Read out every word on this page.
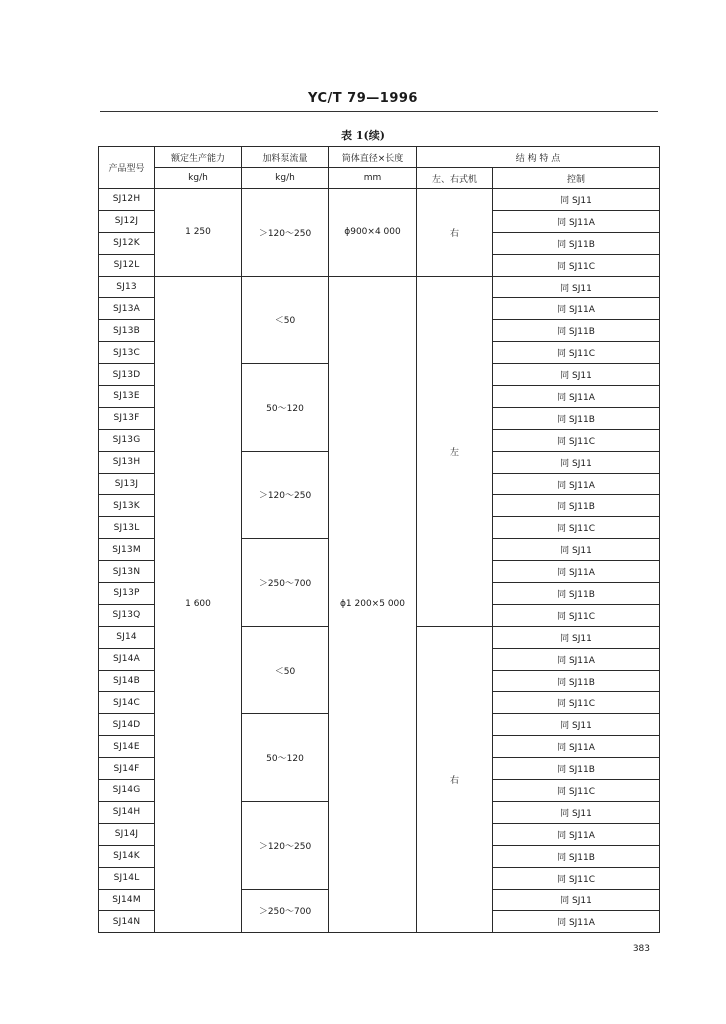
YC/T 79—1996
表 1(续)
产品型号	额定生产能力	加料泵流量	筒体直径×长度	结 构 特 点	
	kg/h	kg/h	mm	左、右式机	控制
SJ12H	1 250	＞120～250	ϕ900×4 000	右	同 SJ11
SJ12J					同 SJ11A
SJ12K					同 SJ11B
SJ12L					同 SJ11C
SJ13	1 600	＜50	ϕ1 200×5 000	左	同 SJ11
SJ13A					同 SJ11A
SJ13B					同 SJ11B
SJ13C					同 SJ11C
SJ13D		50～120			同 SJ11
SJ13E					同 SJ11A
SJ13F					同 SJ11B
SJ13G					同 SJ11C
SJ13H		＞120～250			同 SJ11
SJ13J					同 SJ11A
SJ13K					同 SJ11B
SJ13L					同 SJ11C
SJ13M		＞250～700			同 SJ11
SJ13N					同 SJ11A
SJ13P					同 SJ11B
SJ13Q					同 SJ11C
SJ14		＜50		右	同 SJ11
SJ14A					同 SJ11A
SJ14B					同 SJ11B
SJ14C					同 SJ11C
SJ14D		50～120			同 SJ11
SJ14E					同 SJ11A
SJ14F					同 SJ11B
SJ14G					同 SJ11C
SJ14H		＞120～250			同 SJ11
SJ14J					同 SJ11A
SJ14K					同 SJ11B
SJ14L					同 SJ11C
SJ14M		＞250～700			同 SJ11
SJ14N					同 SJ11A
383
